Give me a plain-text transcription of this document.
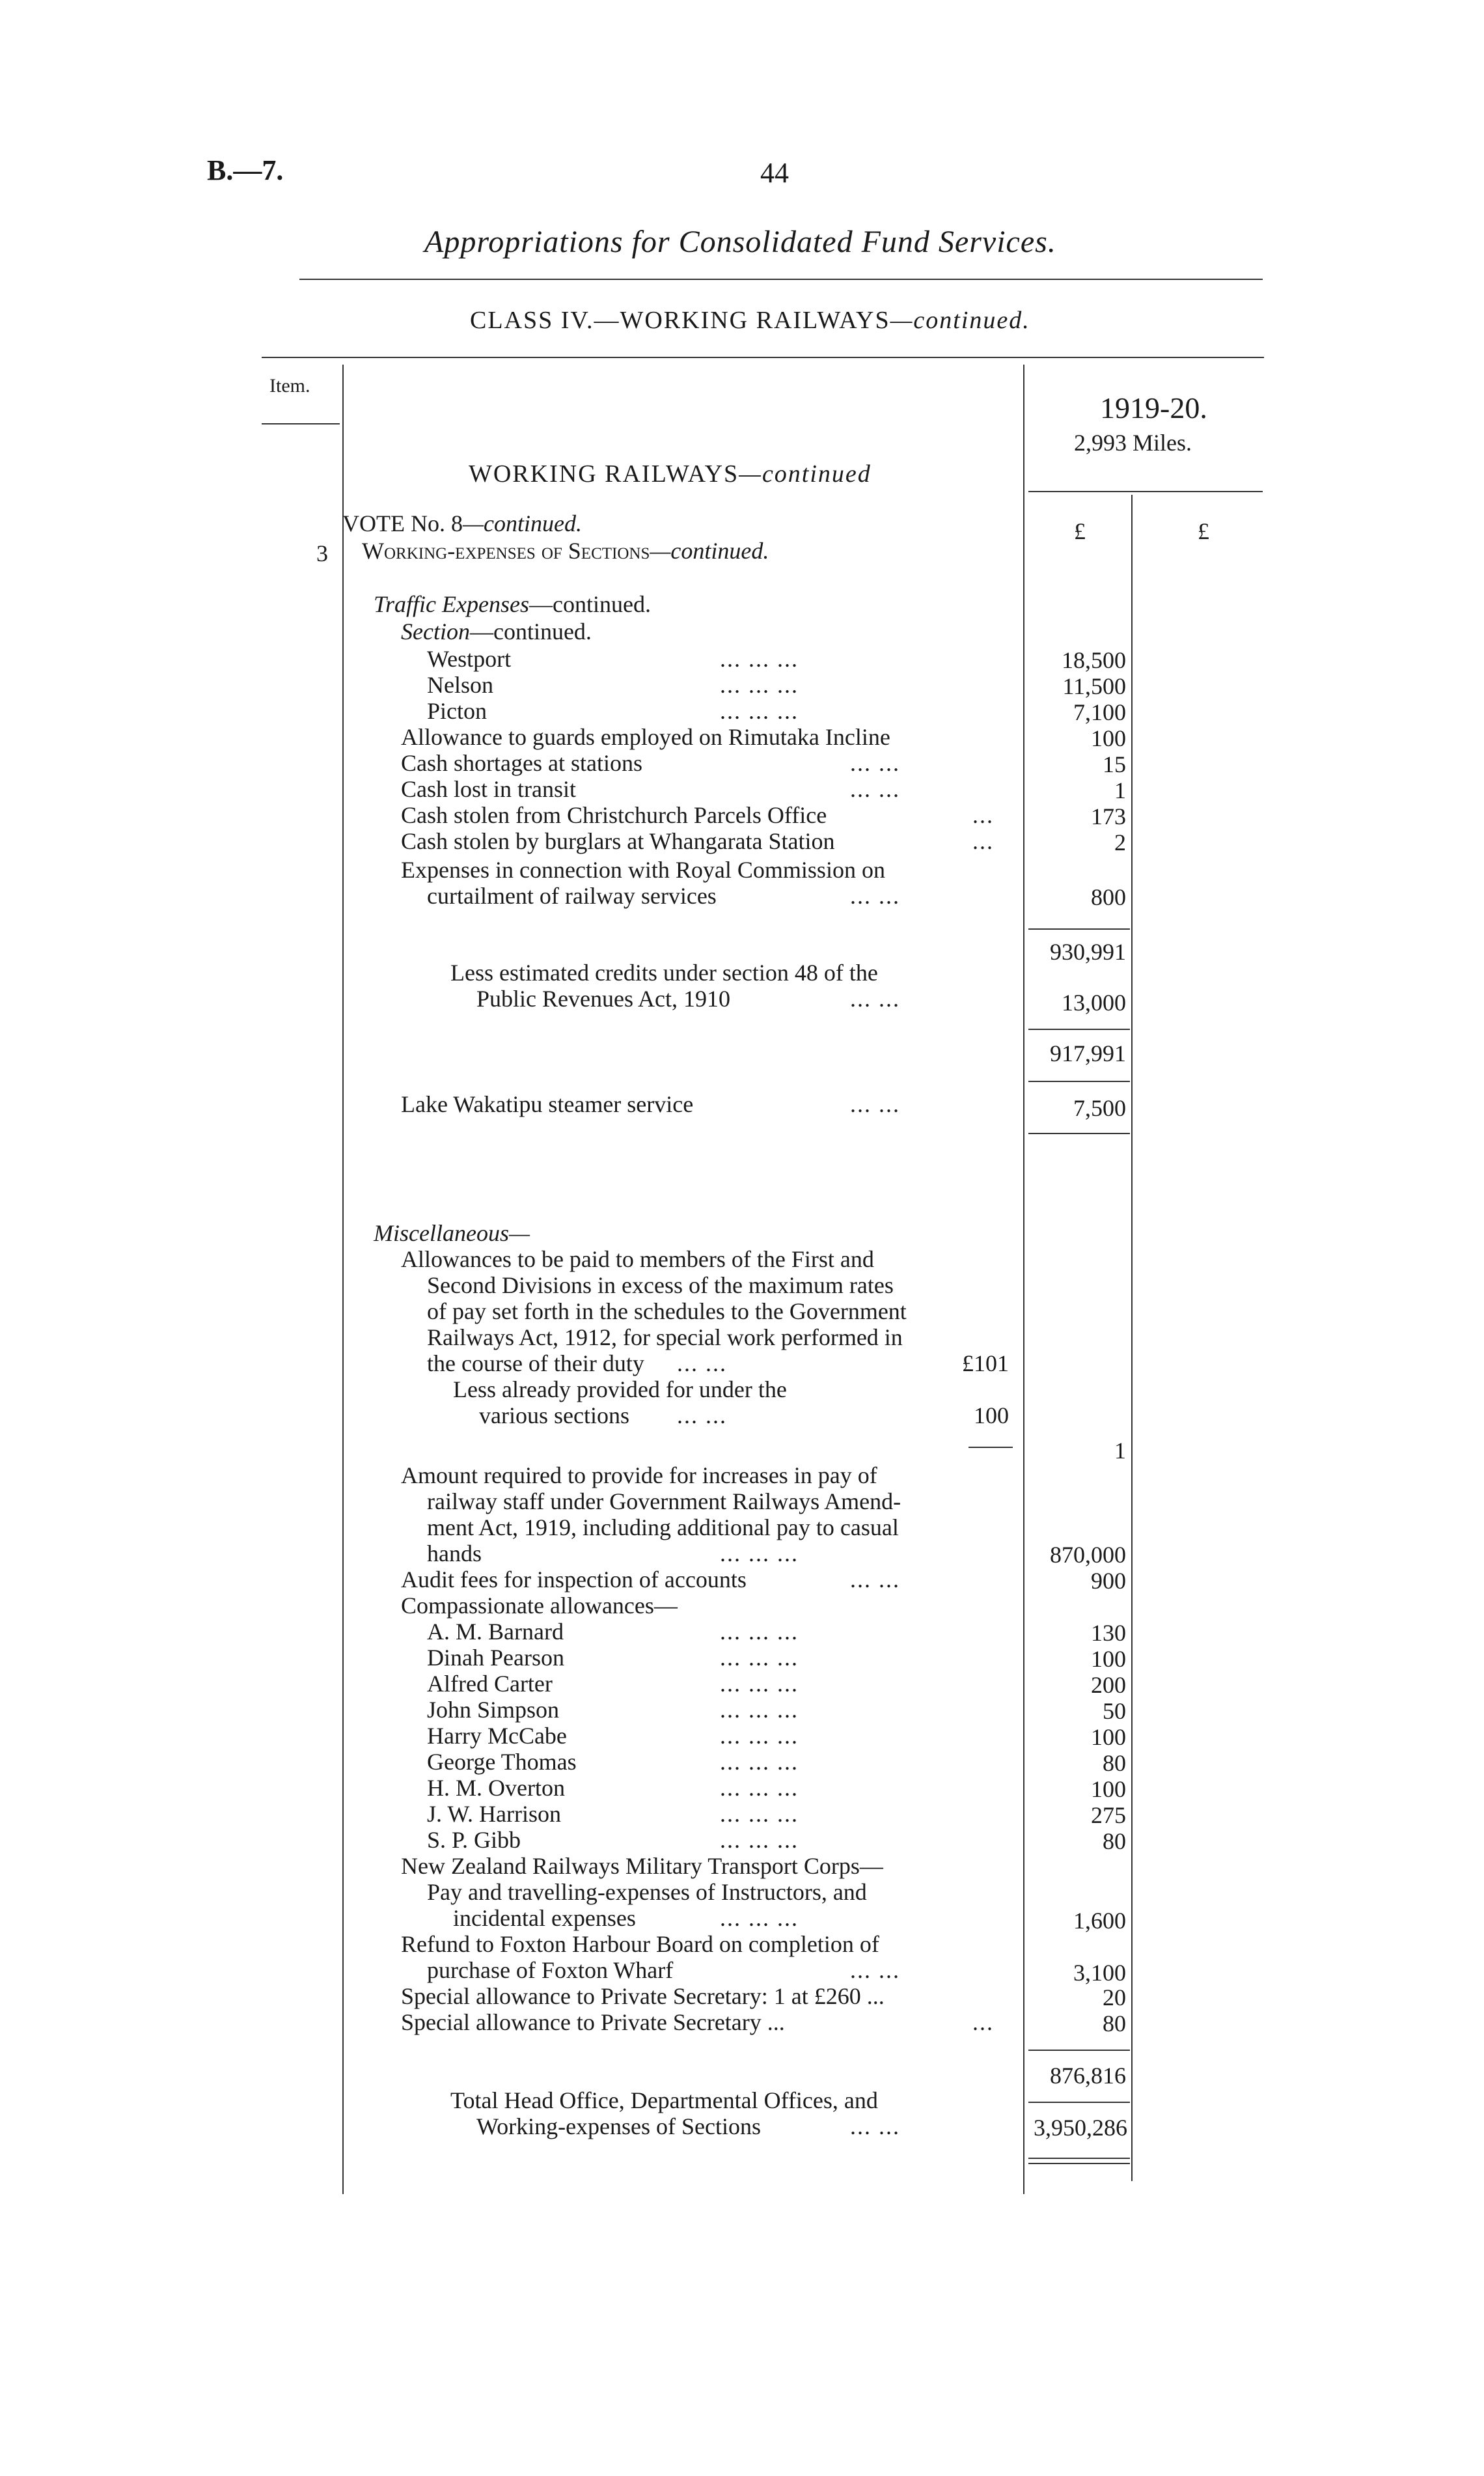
B.—7.	44
Appropriations for Consolidated Fund Services.
CLASS IV.—WORKING RAILWAYS—continued.
Item.
1919-20.
2,993 Miles.
WORKING RAILWAYS—continued
VOTE No. 8—continued.
3 Working-expenses of Sections—continued.
£	£
Traffic Expenses—continued.
Section—continued.
Westport	... ... ...	18,500
Nelson	... ... ...	11,500
Picton	... ... ...	7,100
Allowance to guards employed on Rimutaka Incline	100
Cash shortages at stations	... ...	15
Cash lost in transit	... ...	1
Cash stolen from Christchurch Parcels Office	...	173
Cash stolen by burglars at Whangarata Station	...	2
Expenses in connection with Royal Commission on
curtailment of railway services	... ...	800
930,991
Less estimated credits under section 48 of the
Public Revenues Act, 1910	... ...	13,000
917,991
Lake Wakatipu steamer service	... ...	7,500
Miscellaneous—
Allowances to be paid to members of the First and
Second Divisions in excess of the maximum rates
of pay set forth in the schedules to the Government
Railways Act, 1912, for special work performed in
the course of their duty ... ...	£101
Less already provided for under the
various sections ... ...	100
1
Amount required to provide for increases in pay of
railway staff under Government Railways Amend-
ment Act, 1919, including additional pay to casual
hands	... ... ...	870,000
Audit fees for inspection of accounts	... ...	900
Compassionate allowances—
A. M. Barnard	... ... ...	130
Dinah Pearson	... ... ...	100
Alfred Carter	... ... ...	200
John Simpson	... ... ...	50
Harry McCabe	... ... ...	100
George Thomas	... ... ...	80
H. M. Overton	... ... ...	100
J. W. Harrison	... ... ...	275
S. P. Gibb	... ... ...	80
New Zealand Railways Military Transport Corps—
Pay and travelling-expenses of Instructors, and
incidental expenses	... ... ...	1,600
Refund to Foxton Harbour Board on completion of
purchase of Foxton Wharf	... ...	3,100
Special allowance to Private Secretary: 1 at £260 ...	20
Special allowance to Private Secretary ...	...	80
876,816
Total Head Office, Departmental Offices, and
Working-expenses of Sections	... ...	3,950,286
